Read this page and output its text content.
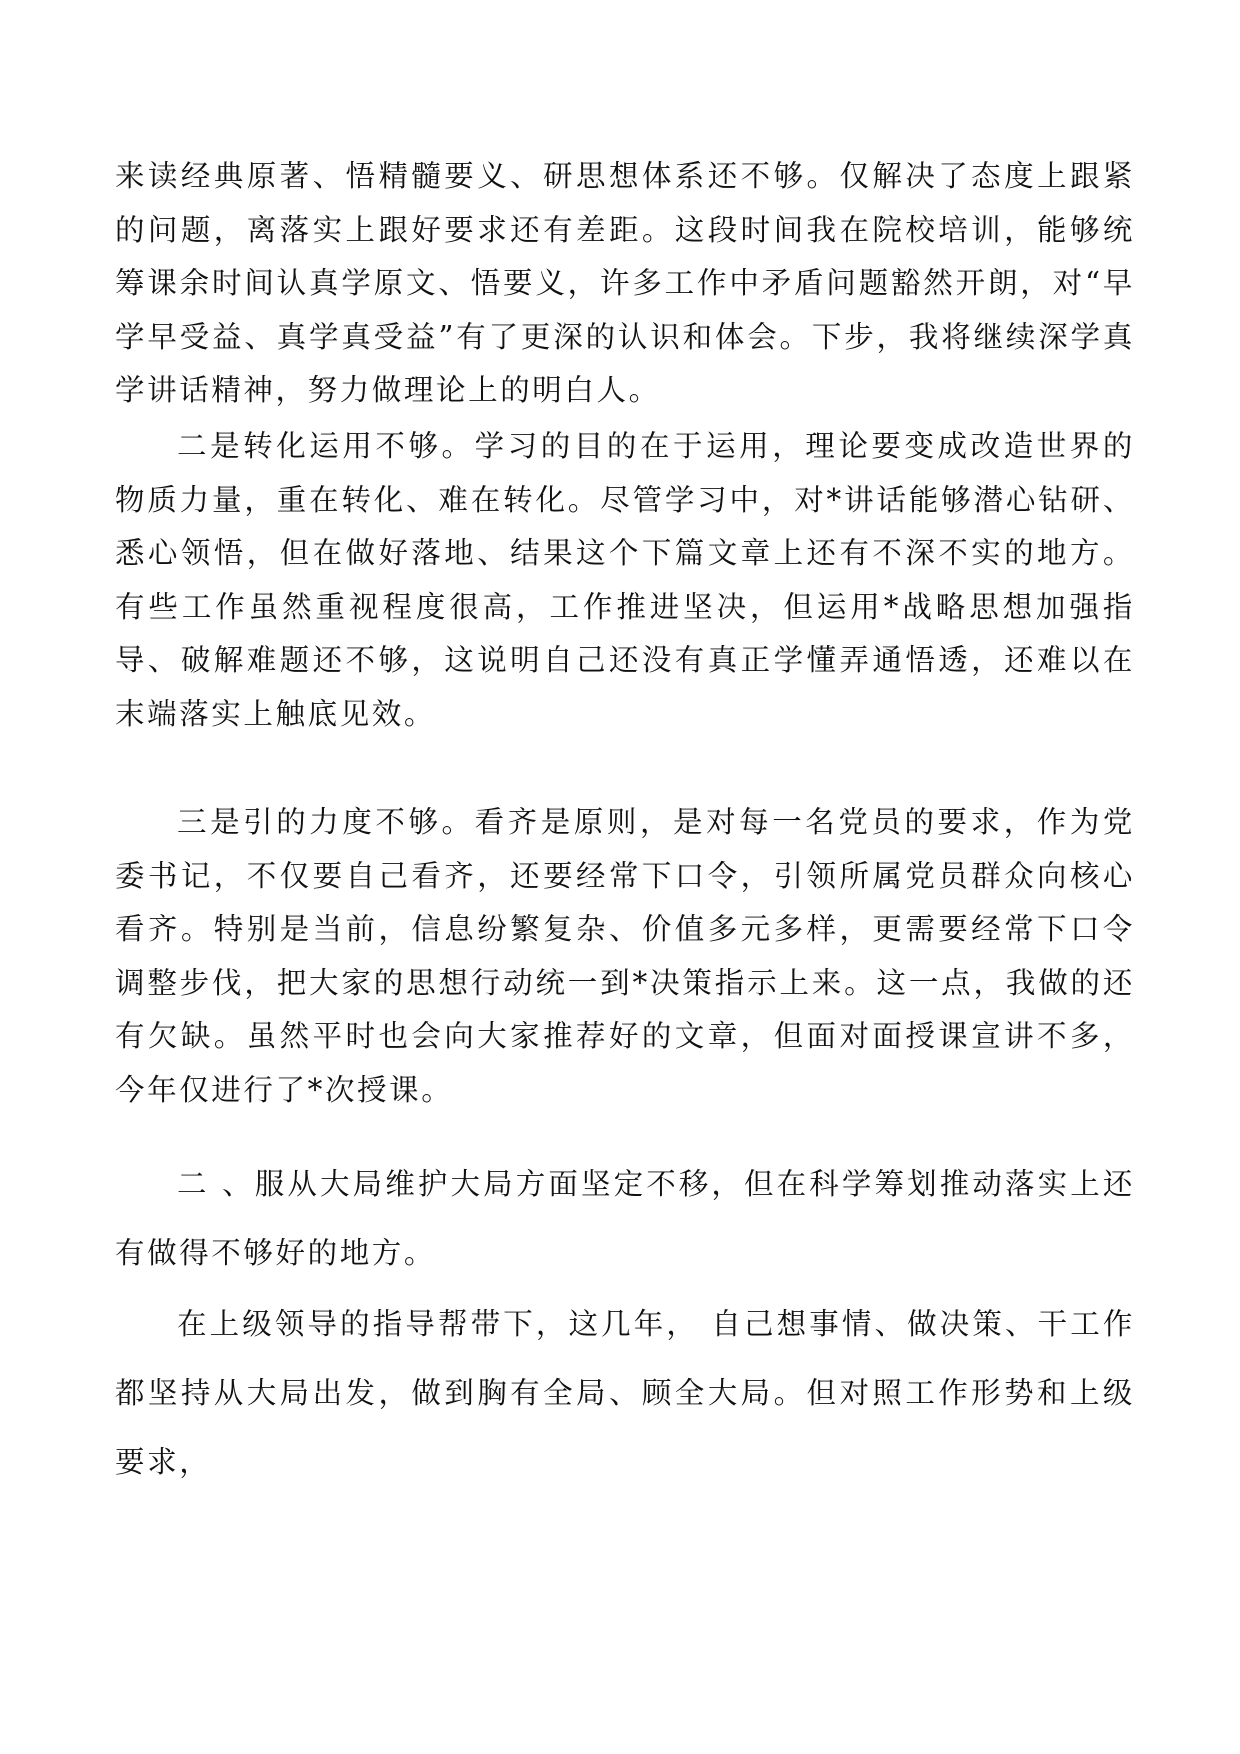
来读经典原著、悟精髓要义、研思想体系还不够。仅解决了态度上跟紧的问题，离落实上跟好要求还有差距。这段时间我在院校培训，能够统筹课余时间认真学原文、悟要义，许多工作中矛盾问题豁然开朗，对“早学早受益、真学真受益”有了更深的认识和体会。下步，我将继续深学真学讲话精神，努力做理论上的明白人。

二是转化运用不够。学习的目的在于运用，理论要变成改造世界的物质力量，重在转化、难在转化。尽管学习中，对*讲话能够潜心钻研、悉心领悟，但在做好落地、结果这个下篇文章上还有不深不实的地方。有些工作虽然重视程度很高，工作推进坚决，但运用*战略思想加强指导、破解难题还不够，这说明自己还没有真正学懂弄通悟透，还难以在末端落实上触底见效。

三是引的力度不够。看齐是原则，是对每一名党员的要求，作为党委书记，不仅要自己看齐，还要经常下口令，引领所属党员群众向核心看齐。特别是当前，信息纷繁复杂、价值多元多样，更需要经常下口令调整步伐，把大家的思想行动统一到*决策指示上来。这一点，我做的还有欠缺。虽然平时也会向大家推荐好的文章，但面对面授课宣讲不多，今年仅进行了*次授课。

二 、服从大局维护大局方面坚定不移，但在科学筹划推动落实上还有做得不够好的地方。

在上级领导的指导帮带下，这几年， 自己想事情、做决策、干工作都坚持从大局出发，做到胸有全局、顾全大局。但对照工作形势和上级要求，
